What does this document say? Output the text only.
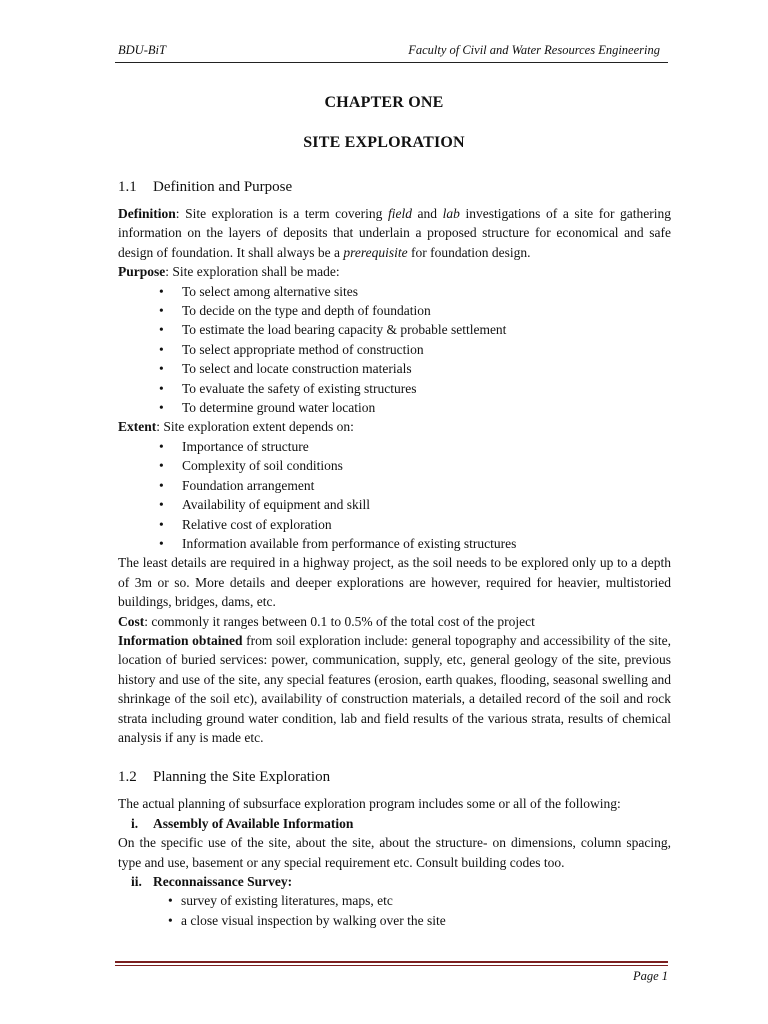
BDU-BiT	Faculty of Civil and Water Resources Engineering
CHAPTER ONE
SITE EXPLORATION
1.1 Definition and Purpose

Definition: Site exploration is a term covering field and lab investigations of a site for gathering information on the layers of deposits that underlain a proposed structure for economical and safe design of foundation. It shall always be a prerequisite for foundation design.

Purpose: Site exploration shall be made:

• To select among alternative sites
• To decide on the type and depth of foundation
• To estimate the load bearing capacity & probable settlement
• To select appropriate method of construction
• To select and locate construction materials
• To evaluate the safety of existing structures
• To determine ground water location

Extent: Site exploration extent depends on:

• Importance of structure
• Complexity of soil conditions
• Foundation arrangement
• Availability of equipment and skill
• Relative cost of exploration
• Information available from performance of existing structures

The least details are required in a highway project, as the soil needs to be explored only up to a depth of 3m or so. More details and deeper explorations are however, required for heavier, multistoried buildings, bridges, dams, etc.

Cost: commonly it ranges between 0.1 to 0.5% of the total cost of the project

Information obtained from soil exploration include: general topography and accessibility of the site, location of buried services: power, communication, supply, etc, general geology of the site, previous history and use of the site, any special features (erosion, earth quakes, flooding, seasonal swelling and shrinkage of the soil etc), availability of construction materials, a detailed record of the soil and rock strata including ground water condition, lab and field results of the various strata, results of chemical analysis if any is made etc.

1.2 Planning the Site Exploration

The actual planning of subsurface exploration program includes some or all of the following:

i.	Assembly of Available Information

On the specific use of the site, about the site, about the structure- on dimensions, column spacing, type and use, basement or any special requirement etc. Consult building codes too.

ii. Reconnaissance Survey:
• survey of existing literatures, maps, etc
• a close visual inspection by walking over the site
Page 1
